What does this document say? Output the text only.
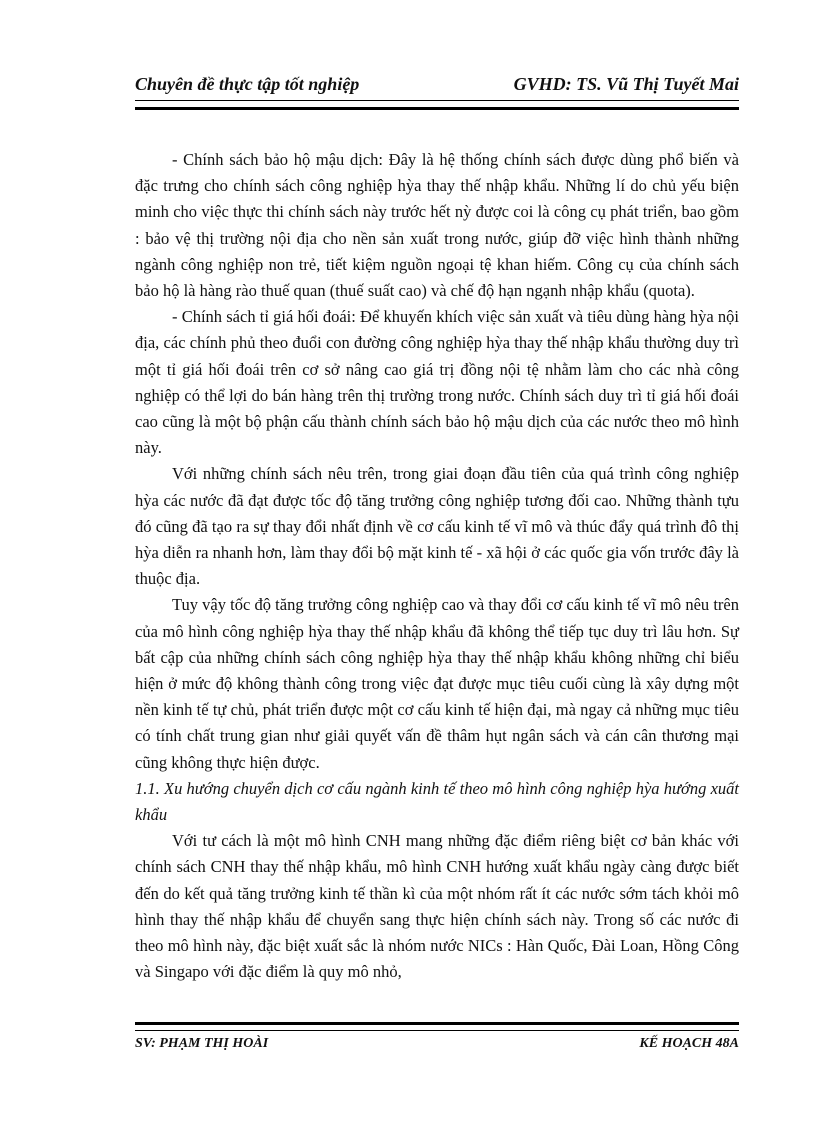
Chuyên đề thực tập tốt nghiệp	GVHD: TS. Vũ Thị Tuyết Mai

- Chính sách bảo hộ mậu dịch: Đây là hệ thống chính sách được dùng phổ biến và đặc trưng cho chính sách công nghiệp hỳa thay thế nhập khẩu. Những lí do chủ yếu biện minh cho việc thực thi chính sách này trước hết nỳ được coi là công cụ phát triển, bao gồm : bảo vệ thị trường nội địa cho nền sản xuất trong nước, giúp đỡ việc hình thành những ngành công nghiệp non trẻ, tiết kiệm nguồn ngoại tệ khan hiếm. Công cụ của chính sách bảo hộ là hàng rào thuế quan (thuế suất cao) và chế độ hạn ngạnh nhập khẩu (quota).

- Chính sách tỉ giá hối đoái: Để khuyến khích việc sản xuất và tiêu dùng hàng hỳa nội địa, các chính phủ theo đuổi con đường công nghiệp hỳa thay thế nhập khẩu thường duy trì một tỉ giá hối đoái trên cơ sở nâng cao giá trị đồng nội tệ nhằm làm cho các nhà công nghiệp có thể lợi do bán hàng trên thị trường trong nước. Chính sách duy trì tỉ giá hối đoái cao cũng là một bộ phận cấu thành chính sách bảo hộ mậu dịch của các nước theo mô hình này.

Với những chính sách nêu trên, trong giai đoạn đầu tiên của quá trình công nghiệp hỳa các nước đã đạt được tốc độ tăng trưởng công nghiệp tương đối cao. Những thành tựu đó cũng đã tạo ra sự thay đổi nhất định về cơ cấu kinh tế vĩ mô và thúc đẩy quá trình đô thị hỳa diễn ra nhanh hơn, làm thay đổi bộ mặt kinh tế - xã hội ở các quốc gia vốn trước đây là thuộc địa.

Tuy vậy tốc độ tăng trưởng công nghiệp cao và thay đổi cơ cấu kinh tế vĩ mô nêu trên của mô hình công nghiệp hỳa thay thế nhập khẩu đã không thể tiếp tục duy trì lâu hơn. Sự bất cập của những chính sách công nghiệp hỳa thay thế nhập khẩu không những chỉ biểu hiện ở mức độ không thành công trong việc đạt được mục tiêu cuối cùng là xây dựng một nền kinh tế tự chủ, phát triển được một cơ cấu kinh tế hiện đại, mà ngay cả những mục tiêu có tính chất trung gian như giải quyết vấn đề thâm hụt ngân sách và cán cân thương mại cũng không thực hiện được.

1.1. Xu hướng chuyển dịch cơ cấu ngành kinh tế theo mô hình công nghiệp hỳa hướng xuất khẩu

Với tư cách là một mô hình CNH mang những đặc điểm riêng biệt cơ bản khác với chính sách CNH thay thế nhập khẩu, mô hình CNH hướng xuất khẩu ngày càng được biết đến do kết quả tăng trưởng kinh tế thần kì của một nhóm rất ít các nước sớm tách khỏi mô hình thay thế nhập khẩu để chuyển sang thực hiện chính sách này. Trong số các nước đi theo mô hình này, đặc biệt xuất sắc là nhóm nước NICs : Hàn Quốc, Đài Loan, Hồng Công và Singapo với đặc điểm là quy mô nhỏ,

SV: PHẠM THỊ HOÀI	KẾ HOẠCH 48A
